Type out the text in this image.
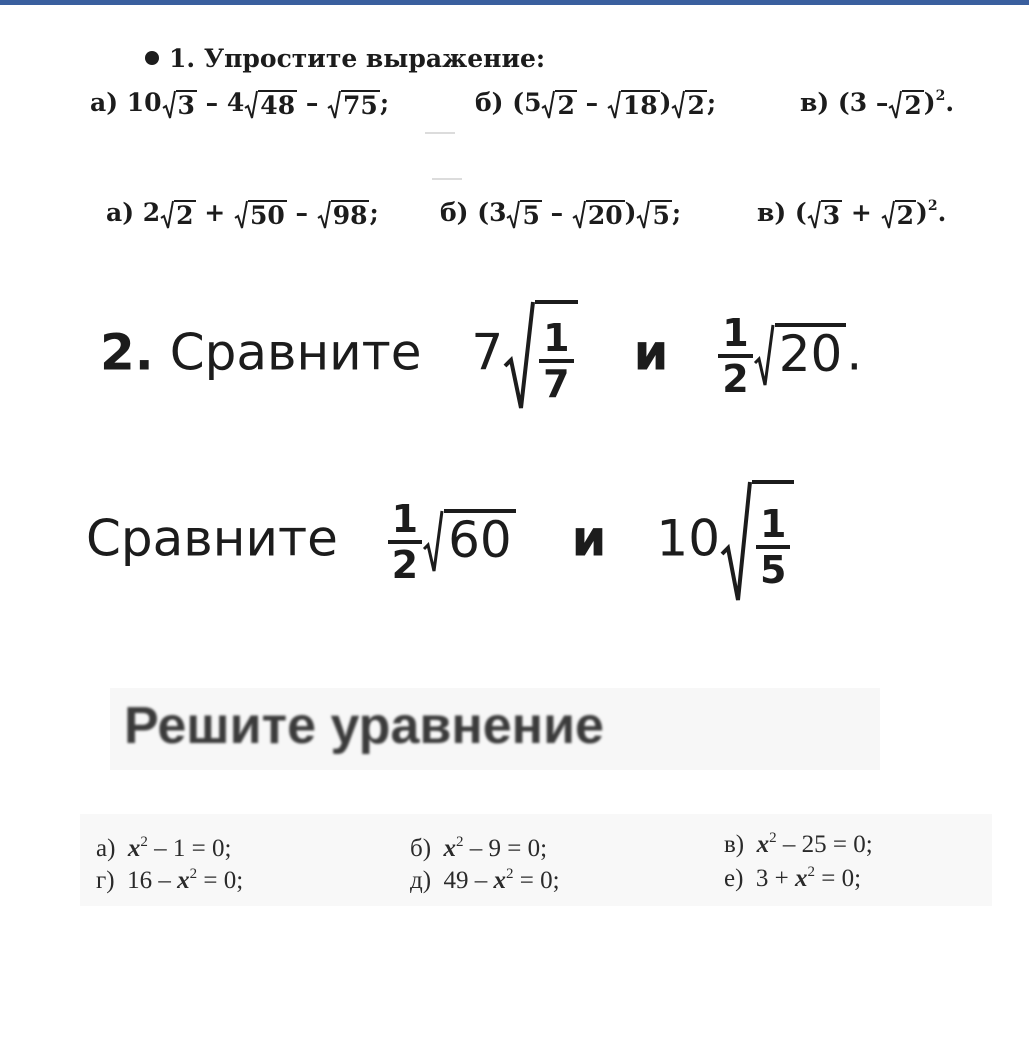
1. Упростите выражение:
а) 10 3 – 4 48 – 75 ;	б) (5 2 – 18 ) 2 ;	в) (3 – 2 )$^2$.
а) 2 2 + 50 – 98 ; б) (3 5 – 20 ) 5 ;	в) ( 3 + 2 )$^2$.
2. Сравните $7 \frac{1}{7}$ и $\frac{1}{2} 20$ .
Сравните $\frac{1}{2} 60$ и $10 \frac{1}{5}$
Решите уравнение
а) $x^2 - 1 = 0$;	б) $x^2 - 9 = 0$;	в) $x^2 - 25 = 0$;
г)  $16 - x^2 = 0$;	д)  $49 - x^2 = 0$;	е)  $3 + x^2 = 0$;
